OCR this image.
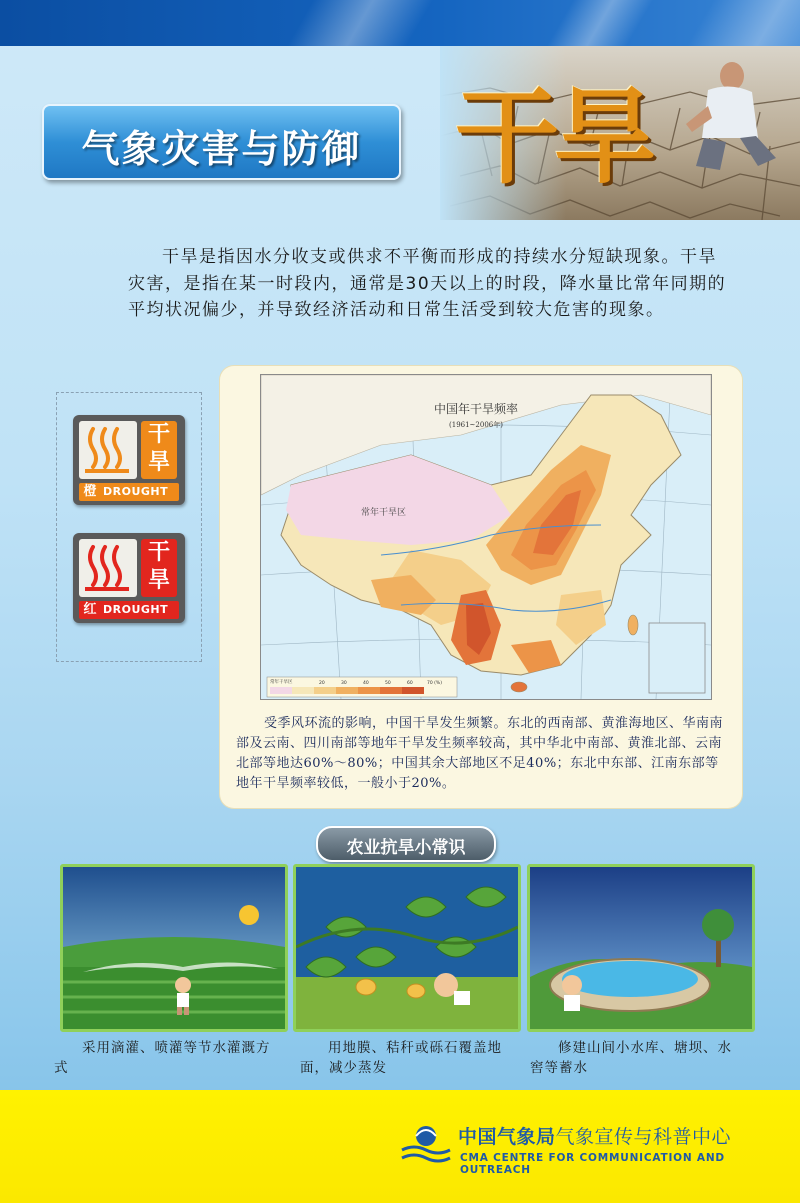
气象灾害与防御 干旱
干旱是指因水分收支或供求不平衡而形成的持续水分短缺现象。干旱灾害，是指在某一时段内，通常是30天以上的时段，降水量比常年同期的平均状况偏少，并导致经济活动和日常生活受到较大危害的现象。
干旱
橙 DROUGHT
干旱
红 DROUGHT
中国年干旱频率
(1961~2006年)
常年干旱区
常年干旱区	20	30	40	50	60	70 (%)
受季风环流的影响，中国干旱发生频繁。东北的西南部、黄淮海地区、华南南部及云南、四川南部等地年干旱发生频率较高，其中华北中南部、黄淮北部、云南北部等地达60%～80%；中国其余大部地区不足40%；东北中东部、江南东部等地年干旱频率较低，一般小于20%。
农业抗旱小常识
采用滴灌、喷灌等节水灌溉方式
用地膜、秸秆或砾石覆盖地面，减少蒸发
修建山间小水库、塘坝、水窖等蓄水
中国气象局气象宣传与科普中心
CMA CENTRE FOR COMMUNICATION AND OUTREACH
